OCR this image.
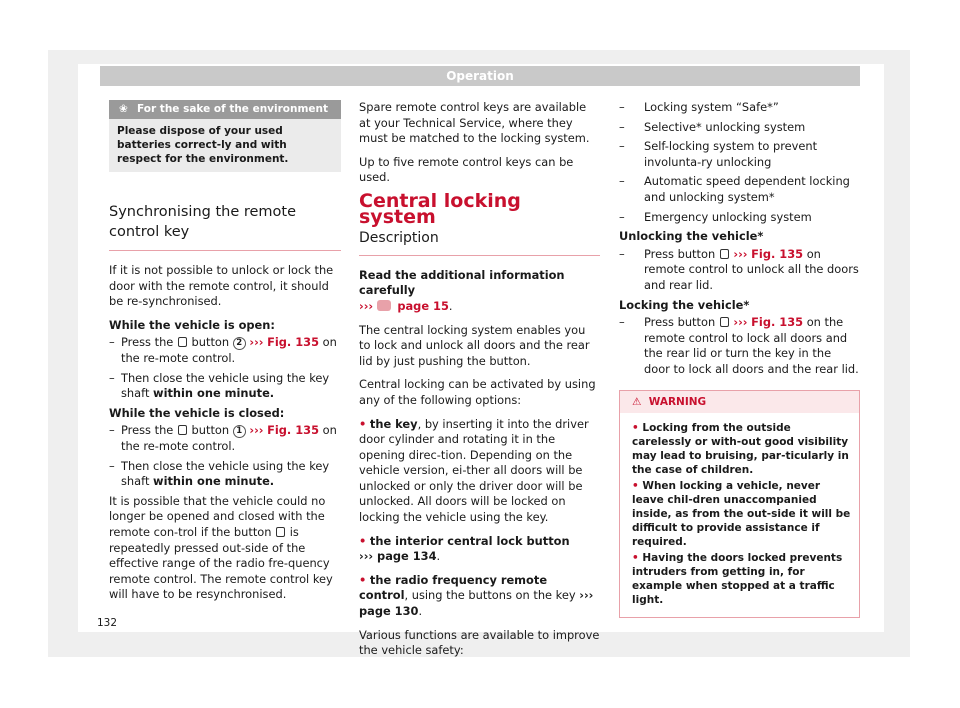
Operation
❀ For the sake of the environment
Please dispose of your used batteries correct-ly and with respect for the environment.
Synchronising the remote control key

If it is not possible to unlock or lock the door with the remote control, it should be re-synchronised.

While the vehicle is open:

– Press the button 2 ››› Fig. 135 on the re-mote control.
– Then close the vehicle using the key shaft within one minute.

While the vehicle is closed:

– Press the button 1 ››› Fig. 135 on the re-mote control.
– Then close the vehicle using the key shaft within one minute.

It is possible that the vehicle could no longer be opened and closed with the remote con-trol if the button is repeatedly pressed out-side of the effective range of the radio fre-quency remote control. The remote control key will have to be resynchronised.

Spare remote control keys are available at your Technical Service, where they must be matched to the locking system.

Up to five remote control keys can be used.

Central locking system
Description

Read the additional information carefully
››› page 15.

The central locking system enables you to lock and unlock all doors and the rear lid by just pushing the button.

Central locking can be activated by using any of the following options:

• the key, by inserting it into the driver door cylinder and rotating it in the opening direc-tion. Depending on the vehicle version, ei-ther all doors will be unlocked or only the driver door will be unlocked. All doors will be locked on locking the vehicle using the key.

• the interior central lock button
››› page 134.

• the radio frequency remote control, using the buttons on the key ››› page 130.

Various functions are available to improve the vehicle safety:

– Locking system “Safe*”
– Selective* unlocking system
– Self-locking system to prevent involunta-ry unlocking
– Automatic speed dependent locking and unlocking system*
– Emergency unlocking system

Unlocking the vehicle*

– Press button ››› Fig. 135 on remote control to unlock all the doors and rear lid.

Locking the vehicle*

– Press button ››› Fig. 135 on the remote control to lock all doors and the rear lid or turn the key in the door to lock all doors and the rear lid.
⚠ WARNING
• Locking from the outside carelessly or with-out good visibility may lead to bruising, par-ticularly in the case of children.
• When locking a vehicle, never leave chil-dren unaccompanied inside, as from the out-side it will be difficult to provide assistance if required.
• Having the doors locked prevents intruders from getting in, for example when stopped at a traffic light.
132
